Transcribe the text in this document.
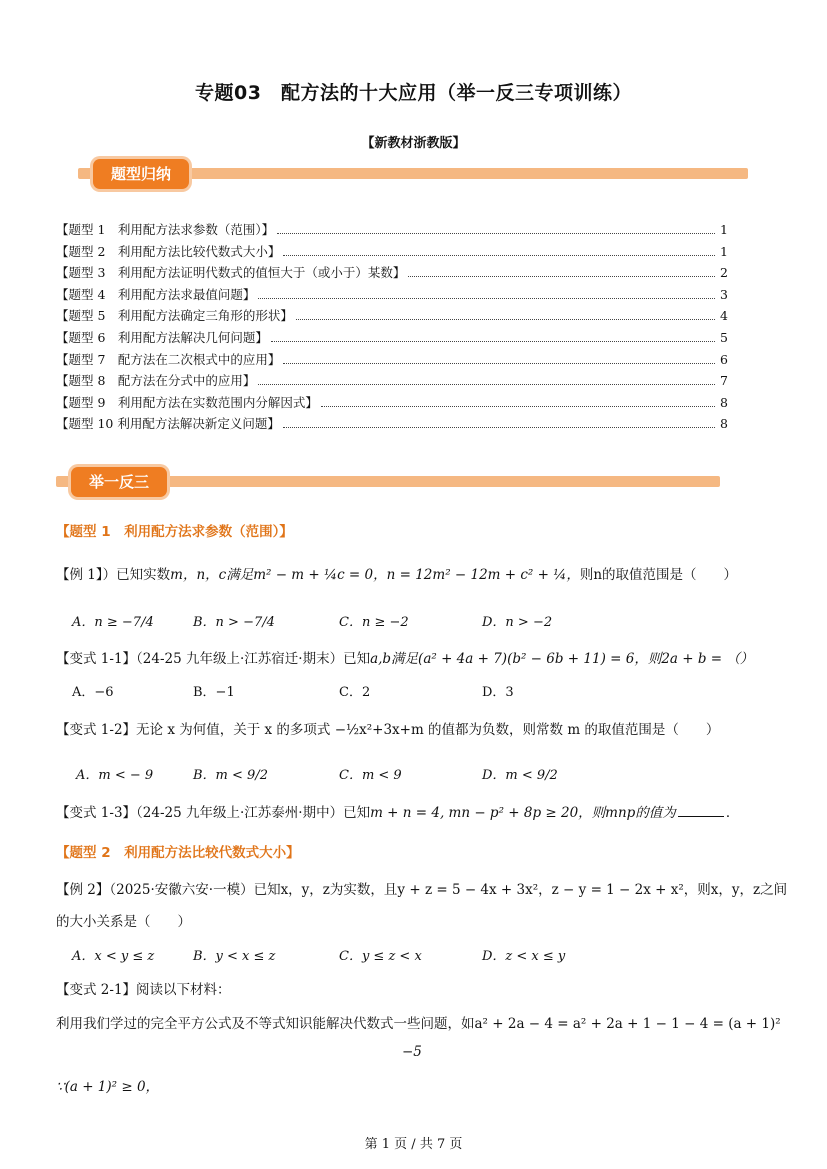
专题03　配方法的十大应用（举一反三专项训练）
【新教材浙教版】
题型归纳
【题型 1　利用配方法求参数（范围）】	1
【题型 2　利用配方法比较代数式大小】	1
【题型 3　利用配方法证明代数式的值恒大于（或小于）某数】	2
【题型 4　利用配方法求最值问题】	3
【题型 5　利用配方法确定三角形的形状】	4
【题型 6　利用配方法解决几何问题】	5
【题型 7　配方法在二次根式中的应用】	6
【题型 8　配方法在分式中的应用】	7
【题型 9　利用配方法在实数范围内分解因式】	8
【题型 10 利用配方法解决新定义问题】	8
举一反三
【题型 1　利用配方法求参数（范围）】
【例 1】）已知实数m，n，c满足m² − m + ¼c = 0，n = 12m² − 12m + c² + ¼，则n的取值范围是（　　）
A．n ≥ −7/4	B．n > −7/4	C．n ≥ −2	D．n > −2
【变式 1-1】（24-25 九年级上·江苏宿迁·期末）已知a,b满足(a² + 4a + 7)(b² − 6b + 11) = 6，则2a + b = （）
A．−6	B．−1	C．2	D．3
【变式 1-2】无论 x 为何值，关于 x 的多项式 −½x²+3x+m 的值都为负数，则常数 m 的取值范围是（　　）
A．m < − 9	B．m < 9/2	C．m < 9	D．m < 9/2
【变式 1-3】（24-25 九年级上·江苏泰州·期中）已知m + n = 4, mn − p² + 8p ≥ 20，则mnp的值为	．
【题型 2　利用配方法比较代数式大小】
【例 2】（2025·安徽六安·一模）已知x，y，z为实数，且y + z = 5 − 4x + 3x²，z − y = 1 − 2x + x²，则x，y，z之间
的大小关系是（　　）
A．x < y ≤ z	B．y < x ≤ z	C．y ≤ z < x	D．z < x ≤ y
【变式 2-1】阅读以下材料：
利用我们学过的完全平方公式及不等式知识能解决代数式一些问题，如a² + 2a − 4 = a² + 2a + 1 − 1 − 4 = (a + 1)²
−5
∵(a + 1)² ≥ 0，
第 1 页 / 共 7 页
